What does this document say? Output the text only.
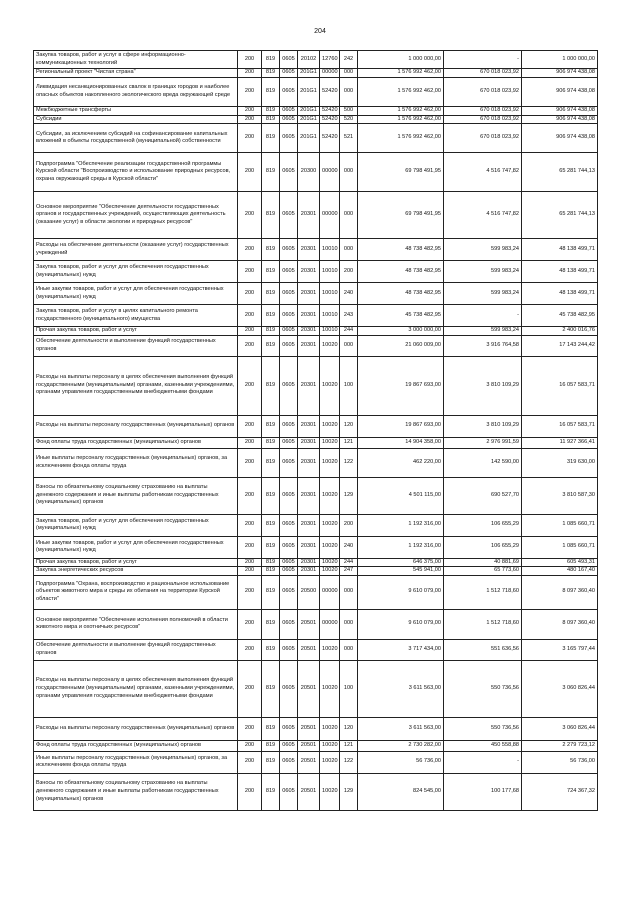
204
Закупка товаров, работ и услуг в сфере информационно-коммуникационных технологий	200	819	0605	20102	12760	242	1 000 000,00	-	1 000 000,00
Региональный проект "Чистая страна"	200	819	0605	201G1	00000	000	1 576 992 462,00	670 018 023,92	906 974 438,08
Ликвидация несанкционированных свалок в границах городов и наиболее опасных объектов накопленного экологического вреда окружающей среде	200	819	0605	201G1	52420	000	1 576 992 462,00	670 018 023,92	906 974 438,08
Межбюджетные трансферты	200	819	0605	201G1	52420	500	1 576 992 462,00	670 018 023,92	906 974 438,08
Субсидии	200	819	0605	201G1	52420	520	1 576 992 462,00	670 018 023,92	906 974 438,08
Субсидии, за исключением субсидий на софинансирование капитальных вложений в объекты государственной (муниципальной) собственности	200	819	0605	201G1	52420	521	1 576 992 462,00	670 018 023,92	906 974 438,08
Подпрограмма "Обеспечение реализации государственной программы Курской области "Воспроизводство и использование природных ресурсов, охрана окружающей среды в Курской области"	200	819	0605	20300	00000	000	69 798 491,95	4 516 747,82	65 281 744,13
Основное мероприятие "Обеспечение деятельности государственных органов и государственных учреждений, осуществляющих деятельность (оказание услуг) в области экологии и природных ресурсов"	200	819	0605	20301	00000	000	69 798 491,95	4 516 747,82	65 281 744,13
Расходы на обеспечение деятельности (оказание услуг) государственных учреждений	200	819	0605	20301	10010	000	48 738 482,95	599 983,24	48 138 499,71
Закупка товаров, работ и услуг для обеспечения государственных (муниципальных) нужд	200	819	0605	20301	10010	200	48 738 482,95	599 983,24	48 138 499,71
Иные закупки товаров, работ и услуг для обеспечения государственных (муниципальных) нужд	200	819	0605	20301	10010	240	48 738 482,95	599 983,24	48 138 499,71
Закупка товаров, работ и услуг в целях капитального ремонта государственного (муниципального) имущества	200	819	0605	20301	10010	243	45 738 482,95	-	45 738 482,95
Прочая закупка товаров, работ и услуг	200	819	0605	20301	10010	244	3 000 000,00	599 983,24	2 400 016,76
Обеспечение деятельности и выполнение функций государственных органов	200	819	0605	20301	10020	000	21 060 009,00	3 916 764,58	17 143 244,42
Расходы на выплаты персоналу в целях обеспечения выполнения функций государственными (муниципальными) органами, казенными учреждениями, органами управления государственными внебюджетными фондами	200	819	0605	20301	10020	100	19 867 693,00	3 810 109,29	16 057 583,71
Расходы на выплаты персоналу государственных (муниципальных) органов	200	819	0605	20301	10020	120	19 867 693,00	3 810 109,29	16 057 583,71
Фонд оплаты труда государственных (муниципальных) органов	200	819	0605	20301	10020	121	14 904 358,00	2 976 991,59	11 927 366,41
Иные выплаты персоналу государственных (муниципальных) органов, за исключением фонда оплаты труда	200	819	0605	20301	10020	122	462 220,00	142 590,00	319 630,00
Взносы по обязательному социальному страхованию на выплаты денежного содержания и иные выплаты работникам государственных (муниципальных) органов	200	819	0605	20301	10020	129	4 501 115,00	690 527,70	3 810 587,30
Закупка товаров, работ и услуг для обеспечения государственных (муниципальных) нужд	200	819	0605	20301	10020	200	1 192 316,00	106 655,29	1 085 660,71
Иные закупки товаров, работ и услуг для обеспечения государственных (муниципальных) нужд	200	819	0605	20301	10020	240	1 192 316,00	106 655,29	1 085 660,71
Прочая закупка товаров, работ и услуг	200	819	0605	20301	10020	244	646 375,00	40 881,69	605 493,31
Закупка энергетических ресурсов	200	819	0605	20301	10020	247	545 941,00	65 773,60	480 167,40
Подпрограмма "Охрана, воспроизводство и рациональное использование объектов животного мира и среды их обитания на территории Курской области"	200	819	0605	20500	00000	000	9 610 079,00	1 512 718,60	8 097 360,40
Основное мероприятие "Обеспечение исполнения полномочий в области животного мира и охотничьих ресурсов"	200	819	0605	20501	00000	000	9 610 079,00	1 512 718,60	8 097 360,40
Обеспечение деятельности и выполнение функций государственных органов	200	819	0605	20501	10020	000	3 717 434,00	551 636,56	3 165 797,44
Расходы на выплаты персоналу в целях обеспечения выполнения функций государственными (муниципальными) органами, казенными учреждениями, органами управления государственными внебюджетными фондами	200	819	0605	20501	10020	100	3 611 563,00	550 736,56	3 060 826,44
Расходы на выплаты персоналу государственных (муниципальных) органов	200	819	0605	20501	10020	120	3 611 563,00	550 736,56	3 060 826,44
Фонд оплаты труда государственных (муниципальных) органов	200	819	0605	20501	10020	121	2 730 282,00	450 558,88	2 279 723,12
Иные выплаты персоналу государственных (муниципальных) органов, за исключением фонда оплаты труда	200	819	0605	20501	10020	122	56 736,00	-	56 736,00
Взносы по обязательному социальному страхованию на выплаты денежного содержания и иные выплаты работникам государственных (муниципальных) органов	200	819	0605	20501	10020	129	824 545,00	100 177,68	724 367,32
